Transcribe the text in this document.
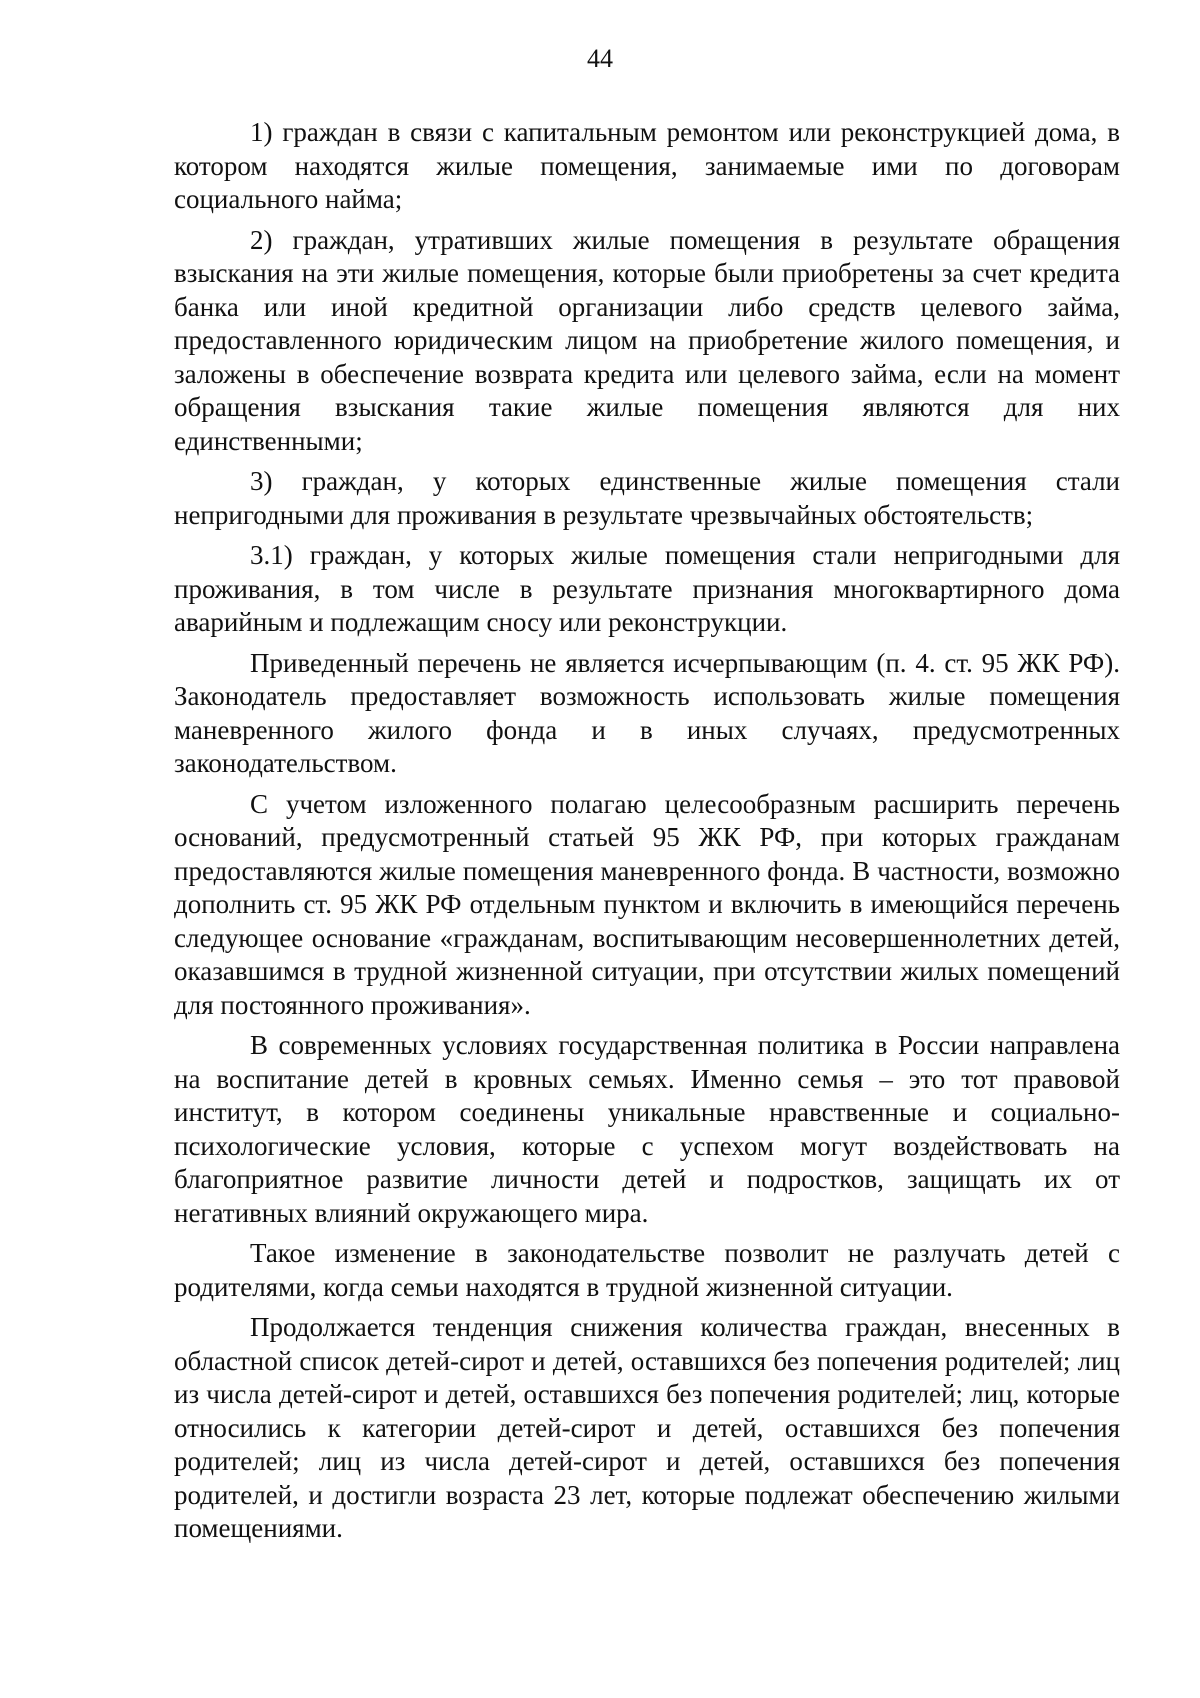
44

1) граждан в связи с капитальным ремонтом или реконструкцией дома, в котором находятся жилые помещения, занимаемые ими по договорам социального найма;

2) граждан, утративших жилые помещения в результате обращения взыскания на эти жилые помещения, которые были приобретены за счет кредита банка или иной кредитной организации либо средств целевого займа, предоставленного юридическим лицом на приобретение жилого помещения, и заложены в обеспечение возврата кредита или целевого займа, если на момент обращения взыскания такие жилые помещения являются для них единственными;

3) граждан, у которых единственные жилые помещения стали непригодными для проживания в результате чрезвычайных обстоятельств;

3.1) граждан, у которых жилые помещения стали непригодными для проживания, в том числе в результате признания многоквартирного дома аварийным и подлежащим сносу или реконструкции.

Приведенный перечень не является исчерпывающим (п. 4. ст. 95 ЖК РФ). Законодатель предоставляет возможность использовать жилые помещения маневренного жилого фонда и в иных случаях, предусмотренных законодательством.

С учетом изложенного полагаю целесообразным расширить перечень оснований, предусмотренный статьей 95 ЖК РФ, при которых гражданам предоставляются жилые помещения маневренного фонда. В частности, возможно дополнить ст. 95 ЖК РФ отдельным пунктом и включить в имеющийся перечень следующее основание «гражданам, воспитывающим несовершеннолетних детей, оказавшимся в трудной жизненной ситуации, при отсутствии жилых помещений для постоянного проживания».

В современных условиях государственная политика в России направлена на воспитание детей в кровных семьях. Именно семья – это тот правовой институт, в котором соединены уникальные нравственные и социально-психологические условия, которые с успехом могут воздействовать на благоприятное развитие личности детей и подростков, защищать их от негативных влияний окружающего мира.

Такое изменение в законодательстве позволит не разлучать детей с родителями, когда семьи находятся в трудной жизненной ситуации.

Продолжается тенденция снижения количества граждан, внесенных в областной список детей-сирот и детей, оставшихся без попечения родителей; лиц из числа детей-сирот и детей, оставшихся без попечения родителей; лиц, которые относились к категории детей-сирот и детей, оставшихся без попечения родителей; лиц из числа детей-сирот и детей, оставшихся без попечения родителей, и достигли возраста 23 лет, которые подлежат обеспечению жилыми помещениями.
